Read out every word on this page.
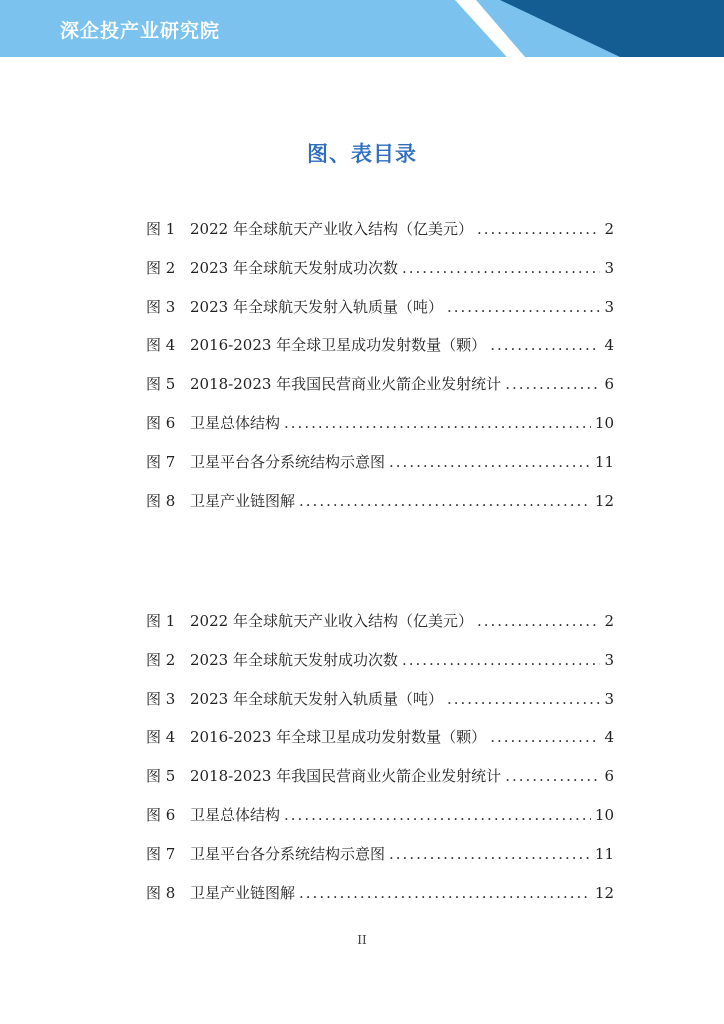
深企投产业研究院
图、表目录
图 1 2022 年全球航天产业收入结构（亿美元） .....	2
图 2 2023 年全球航天发射成功次数 .....	3
图 3 2023 年全球航天发射入轨质量（吨） .....	3
图 4 2016-2023 年全球卫星成功发射数量（颗） .....	4
图 5 2018-2023 年我国民营商业火箭企业发射统计 .....	6
图 6 卫星总体结构 .....	10
图 7 卫星平台各分系统结构示意图 .....	11
图 8 卫星产业链图解 .....	12
图 1 2022 年全球航天产业收入结构（亿美元） .....	2
图 2 2023 年全球航天发射成功次数 .....	3
图 3 2023 年全球航天发射入轨质量（吨） .....	3
图 4 2016-2023 年全球卫星成功发射数量（颗） .....	4
图 5 2018-2023 年我国民营商业火箭企业发射统计 .....	6
图 6 卫星总体结构 .....	10
图 7 卫星平台各分系统结构示意图 .....	11
图 8 卫星产业链图解 .....	12
II
